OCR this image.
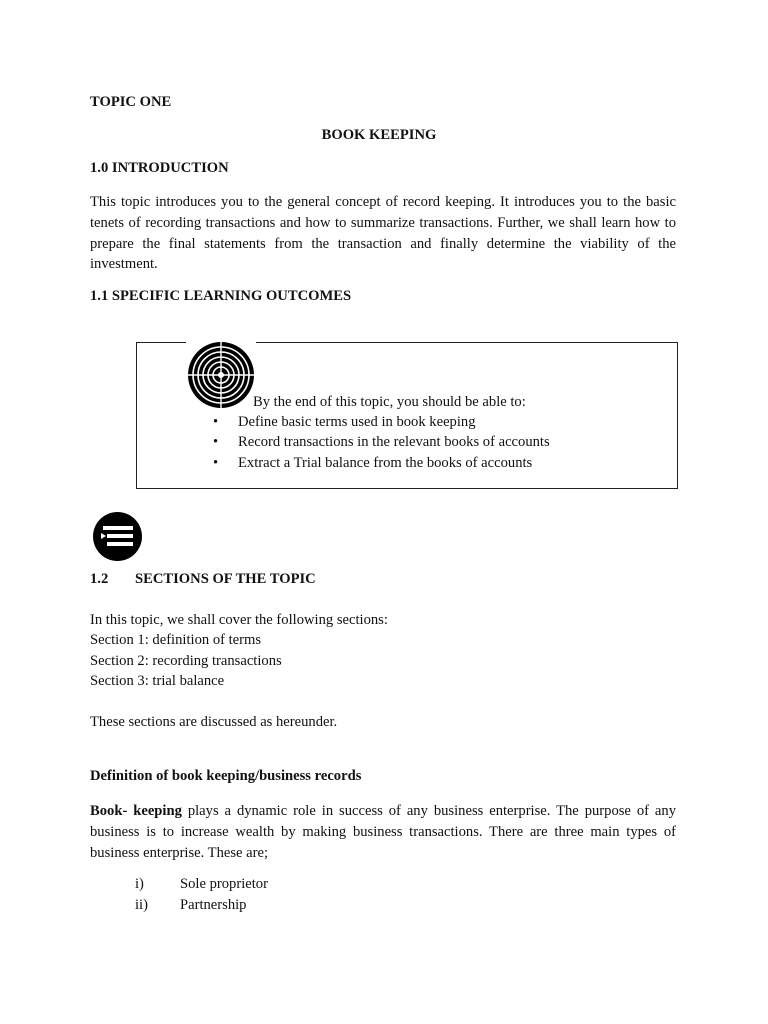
TOPIC ONE
BOOK KEEPING
1.0 INTRODUCTION
This topic introduces you to the general concept of record keeping. It introduces you to the basic tenets of recording transactions and how to summarize transactions. Further, we shall learn how to prepare the final statements from the transaction and finally determine the viability of the investment.
1.1 SPECIFIC LEARNING OUTCOMES
By the end of this topic, you should be able to:
• Define basic terms used in book keeping
• Record transactions in the relevant books of accounts
• Extract a Trial balance from the books of accounts
1.2 SECTIONS OF THE TOPIC
In this topic, we shall cover the following sections:
Section 1: definition of terms
Section 2: recording transactions
Section 3: trial balance
These sections are discussed as hereunder.
Definition of book keeping/business records
Book- keeping plays a dynamic role in success of any business enterprise. The purpose of any business is to increase wealth by making business transactions. There are three main types of business enterprise. These are;
i) Sole proprietor
ii) Partnership
